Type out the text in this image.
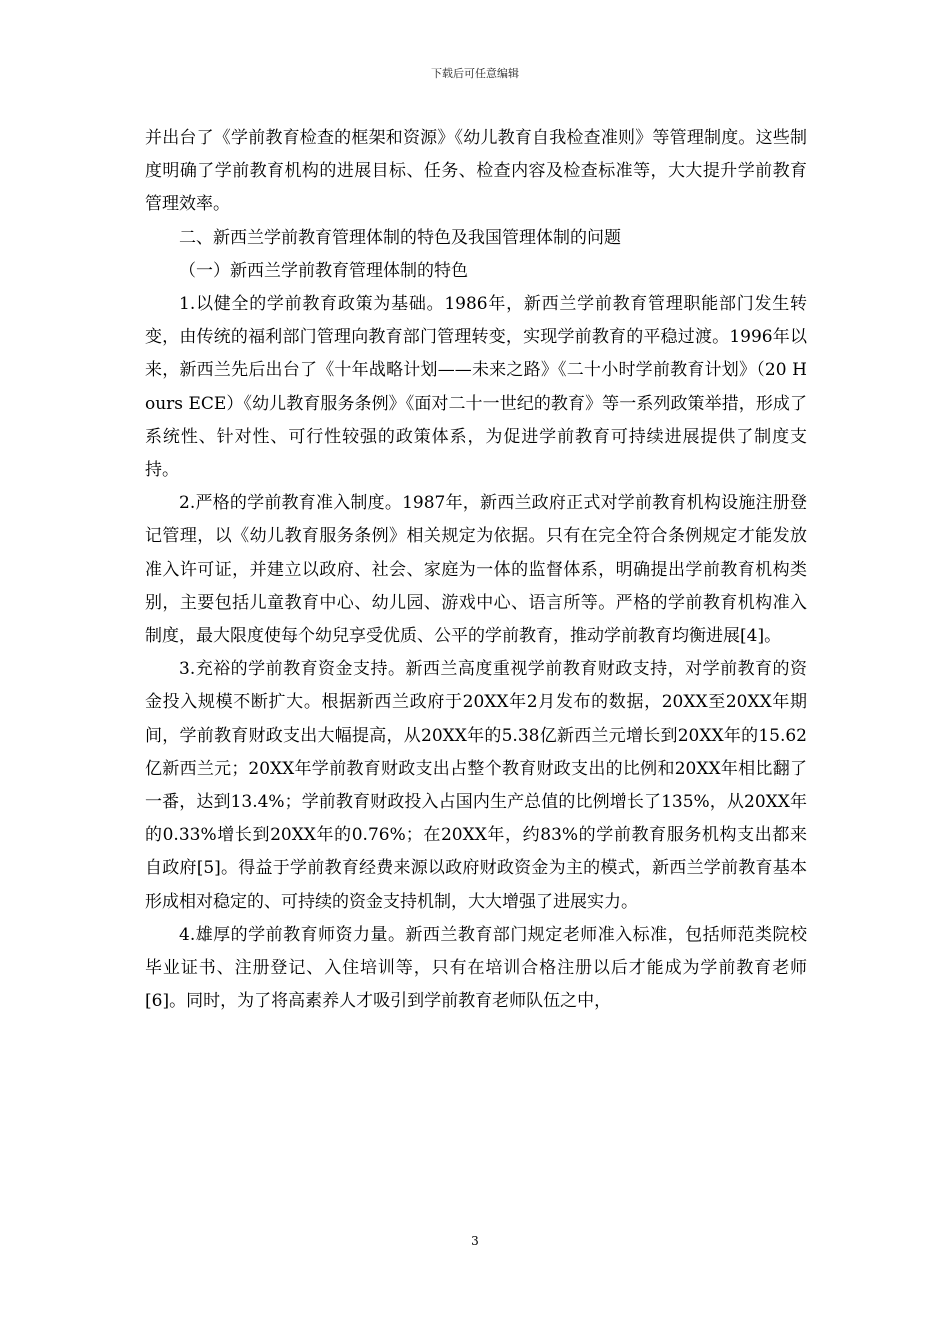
下载后可任意编辑

并出台了《学前教育检查的框架和资源》《幼儿教育自我检查准则》等管理制度。这些制度明确了学前教育机构的进展目标、任务、检查内容及检查标准等，大大提升学前教育管理效率。

二、新西兰学前教育管理体制的特色及我国管理体制的问题

（一）新西兰学前教育管理体制的特色

1.以健全的学前教育政策为基础。1986年，新西兰学前教育管理职能部门发生转变，由传统的福利部门管理向教育部门管理转变，实现学前教育的平稳过渡。1996年以来，新西兰先后出台了《十年战略计划——未来之路》《二十小时学前教育计划》（20 Hours ECE）《幼儿教育服务条例》《面对二十一世纪的教育》等一系列政策举措，形成了系统性、针对性、可行性较强的政策体系，为促进学前教育可持续进展提供了制度支持。

2.严格的学前教育准入制度。1987年，新西兰政府正式对学前教育机构设施注册登记管理，以《幼儿教育服务条例》相关规定为依据。只有在完全符合条例规定才能发放准入许可证，并建立以政府、社会、家庭为一体的监督体系，明确提出学前教育机构类别，主要包括儿童教育中心、幼儿园、游戏中心、语言所等。严格的学前教育机构准入制度，最大限度使每个幼兒享受优质、公平的学前教育，推动学前教育均衡进展[4]。

3.充裕的学前教育资金支持。新西兰高度重视学前教育财政支持，对学前教育的资金投入规模不断扩大。根据新西兰政府于20XX年2月发布的数据，20XX至20XX年期间，学前教育财政支出大幅提高，从20XX年的5.38亿新西兰元增长到20XX年的15.62亿新西兰元；20XX年学前教育财政支出占整个教育财政支出的比例和20XX年相比翻了一番，达到13.4%；学前教育财政投入占国内生产总值的比例增长了135%，从20XX年的0.33%增长到20XX年的0.76%；在20XX年，约83%的学前教育服务机构支出都来自政府[5]。得益于学前教育经费来源以政府财政资金为主的模式，新西兰学前教育基本形成相对稳定的、可持续的资金支持机制，大大增强了进展实力。

4.雄厚的学前教育师资力量。新西兰教育部门规定老师准入标准，包括师范类院校毕业证书、注册登记、入住培训等，只有在培训合格注册以后才能成为学前教育老师[6]。同时，为了将高素养人才吸引到学前教育老师队伍之中，

3
